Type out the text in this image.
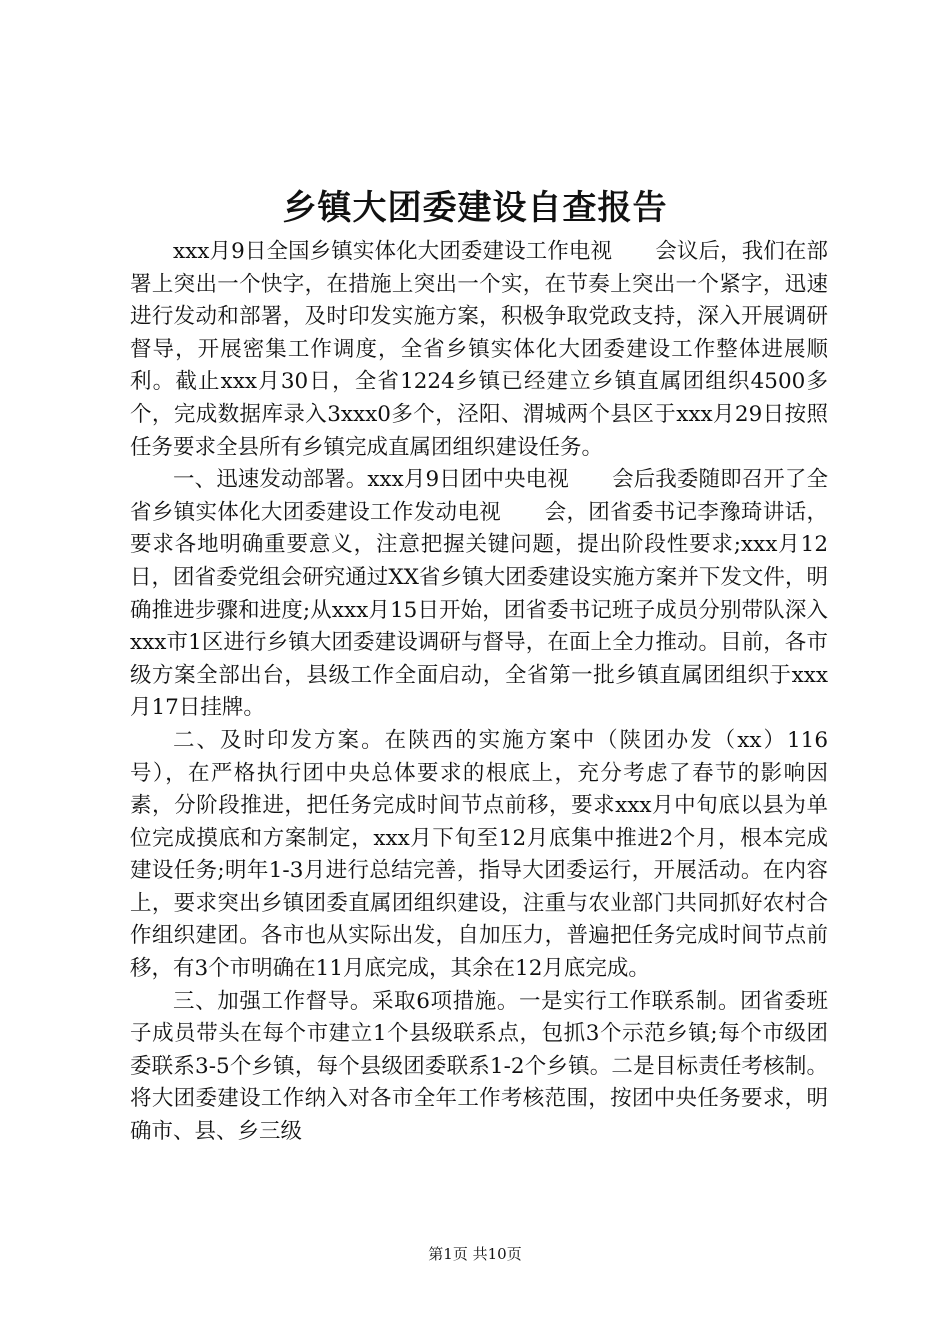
乡镇大团委建设自查报告

xxx月9日全国乡镇实体化大团委建设工作电视　　会议后，我们在部署上突出一个快字，在措施上突出一个实，在节奏上突出一个紧字，迅速进行发动和部署，及时印发实施方案，积极争取党政支持，深入开展调研督导，开展密集工作调度，全省乡镇实体化大团委建设工作整体进展顺利。截止xxx月30日，全省1224乡镇已经建立乡镇直属团组织4500多个，完成数据库录入3xxx0多个，泾阳、渭城两个县区于xxx月29日按照任务要求全县所有乡镇完成直属团组织建设任务。

一、迅速发动部署。xxx月9日团中央电视　　会后我委随即召开了全省乡镇实体化大团委建设工作发动电视　　会，团省委书记李豫琦讲话，要求各地明确重要意义，注意把握关键问题，提出阶段性要求;xxx月12日，团省委党组会研究通过XX省乡镇大团委建设实施方案并下发文件，明确推进步骤和进度;从xxx月15日开始，团省委书记班子成员分别带队深入xxx市1区进行乡镇大团委建设调研与督导，在面上全力推动。目前，各市级方案全部出台，县级工作全面启动，全省第一批乡镇直属团组织于xxx月17日挂牌。

二、及时印发方案。在陕西的实施方案中（陕团办发（xx）116号），在严格执行团中央总体要求的根底上，充分考虑了春节的影响因素，分阶段推进，把任务完成时间节点前移，要求xxx月中旬底以县为单位完成摸底和方案制定，xxx月下旬至12月底集中推进2个月，根本完成建设任务;明年1-3月进行总结完善，指导大团委运行，开展活动。在内容上，要求突出乡镇团委直属团组织建设，注重与农业部门共同抓好农村合作组织建团。各市也从实际出发，自加压力，普遍把任务完成时间节点前移，有3个市明确在11月底完成，其余在12月底完成。

三、加强工作督导。采取6项措施。一是实行工作联系制。团省委班子成员带头在每个市建立1个县级联系点，包抓3个示范乡镇;每个市级团委联系3-5个乡镇，每个县级团委联系1-2个乡镇。二是目标责任考核制。将大团委建设工作纳入对各市全年工作考核范围，按团中央任务要求，明确市、县、乡三级

第1页 共10页
